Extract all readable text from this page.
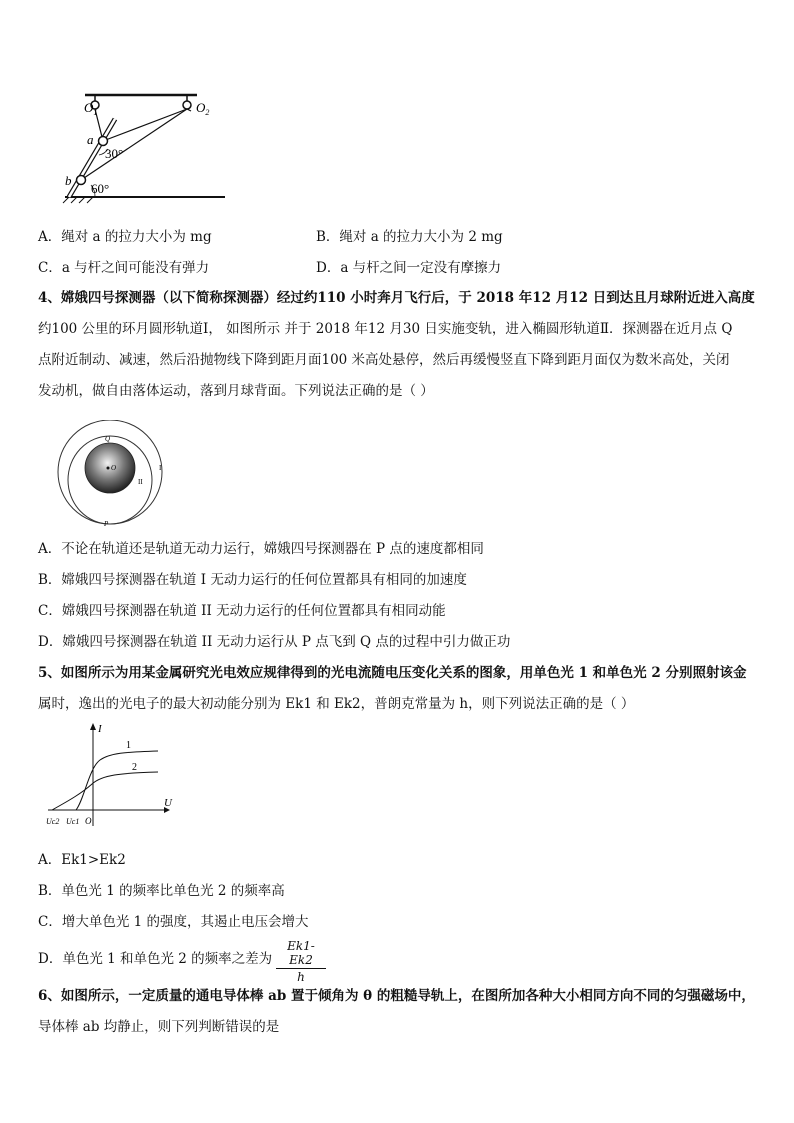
$O_1$	$O_2$
a
b
30°
60°
A．绳对 a 的拉力大小为 mg	B．绳对 a 的拉力大小为 2 mg
C．a 与杆之间可能没有弹力	D．a 与杆之间一定没有摩擦力
4、嫦娥四号探测器（以下简称探测器）经过约110 小时奔月飞行后，于 2018 年12 月12 日到达且月球附近进入高度
约100 公里的环月圆形轨道Ⅰ， 如图所示 并于 2018 年12 月30 日实施变轨，进入椭圆形轨道Ⅱ．探测器在近月点 Q
点附近制动、减速，然后沿抛物线下降到距月面100 米高处悬停，然后再缓慢竖直下降到距月面仅为数米高处，关闭
发动机，做自由落体运动，落到月球背面。下列说法正确的是（ ）
Q
O	I
II
P
A．不论在轨道还是轨道无动力运行，嫦娥四号探测器在 P 点的速度都相同
B．嫦娥四号探测器在轨道 I 无动力运行的任何位置都具有相同的加速度
C．嫦娥四号探测器在轨道 II 无动力运行的任何位置都具有相同动能
D．嫦娥四号探测器在轨道 II 无动力运行从 P 点飞到 Q 点的过程中引力做正功
5、如图所示为用某金属研究光电效应规律得到的光电流随电压变化关系的图象，用单色光 1 和单色光 2 分别照射该金
属时，逸出的光电子的最大初动能分别为 Ek1 和 Ek2，普朗克常量为 h，则下列说法正确的是（ ）
I
U
1
2
Uc2 Uc1 O
A．Ek1>Ek2
B．单色光 1 的频率比单色光 2 的频率高
C．增大单色光 1 的强度，其遏止电压会增大
D．单色光 1 和单色光 2 的频率之差为 $\frac{Ek1-Ek2}{h}$
6、如图所示，一定质量的通电导体棒 ab 置于倾角为 θ 的粗糙导轨上，在图所加各种大小相同方向不同的匀强磁场中，
导体棒 ab 均静止，则下列判断错误的是
